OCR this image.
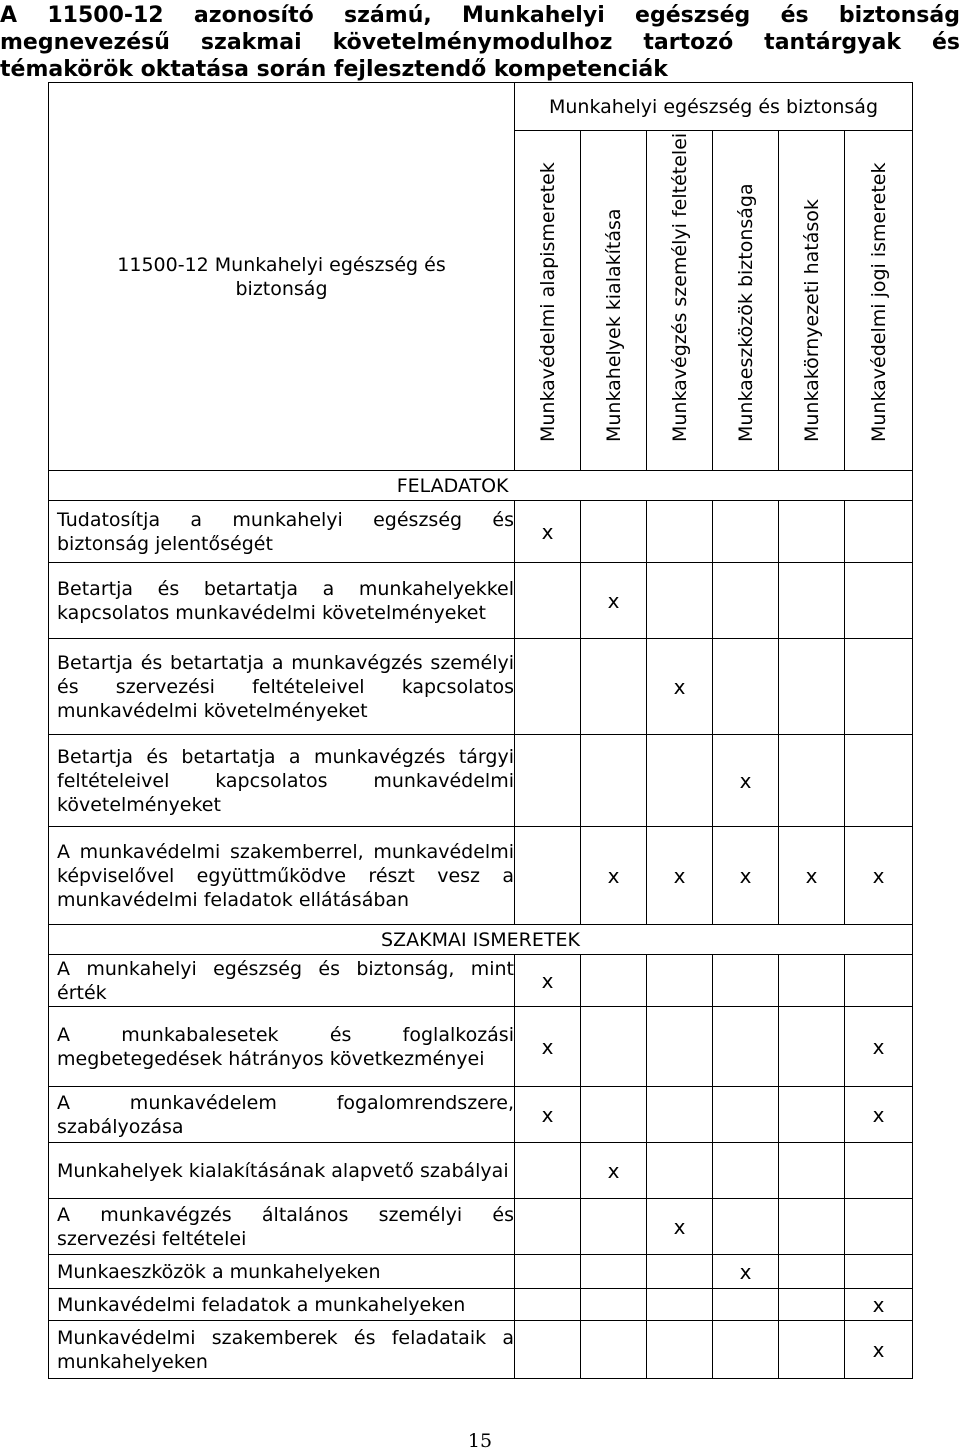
A 11500-12 azonosító számú, Munkahelyi egészség és biztonság megnevezésű szakmai követelménymodulhoz tartozó tantárgyak és témakörök oktatása során fejlesztendő kompetenciák
11500-12 Munkahelyi egészség és biztonság	Munkahelyi egészség és biztonság					

	Munkavédelmi alapismeretek	Munkahelyek kialakítása	Munkavégzés személyi feltételei	Munkaeszközök biztonsága	Munkakörnyezeti hatások	Munkavédelmi jogi ismeretek

FELADATOK						
Tudatosítja a munkahelyi egészség és biztonság jelentőségét	x					
Betartja és betartatja a munkahelyekkel kapcsolatos munkavédelmi követelményeket		x				
Betartja és betartatja a munkavégzés személyi és szervezési feltételeivel kapcsolatos munkavédelmi követelményeket			x			
Betartja és betartatja a munkavégzés tárgyi feltételeivel kapcsolatos munkavédelmi követelményeket				x		
A munkavédelmi szakemberrel, munkavédelmi képviselővel együttműködve részt vesz a munkavédelmi feladatok ellátásában		x	x	x	x	x
SZAKMAI ISMERETEK						
A munkahelyi egészség és biztonság, mint érték	x					
A munkabalesetek és foglalkozási megbetegedések hátrányos következményei	x					x
A munkavédelem fogalomrendszere, szabályozása	x					x
Munkahelyek kialakításának alapvető szabályai		x				
A munkavégzés általános személyi és szervezési feltételei			x			
Munkaeszközök a munkahelyeken				x		
Munkavédelmi feladatok a munkahelyeken						x
Munkavédelmi szakemberek és feladataik a munkahelyeken						x
15
